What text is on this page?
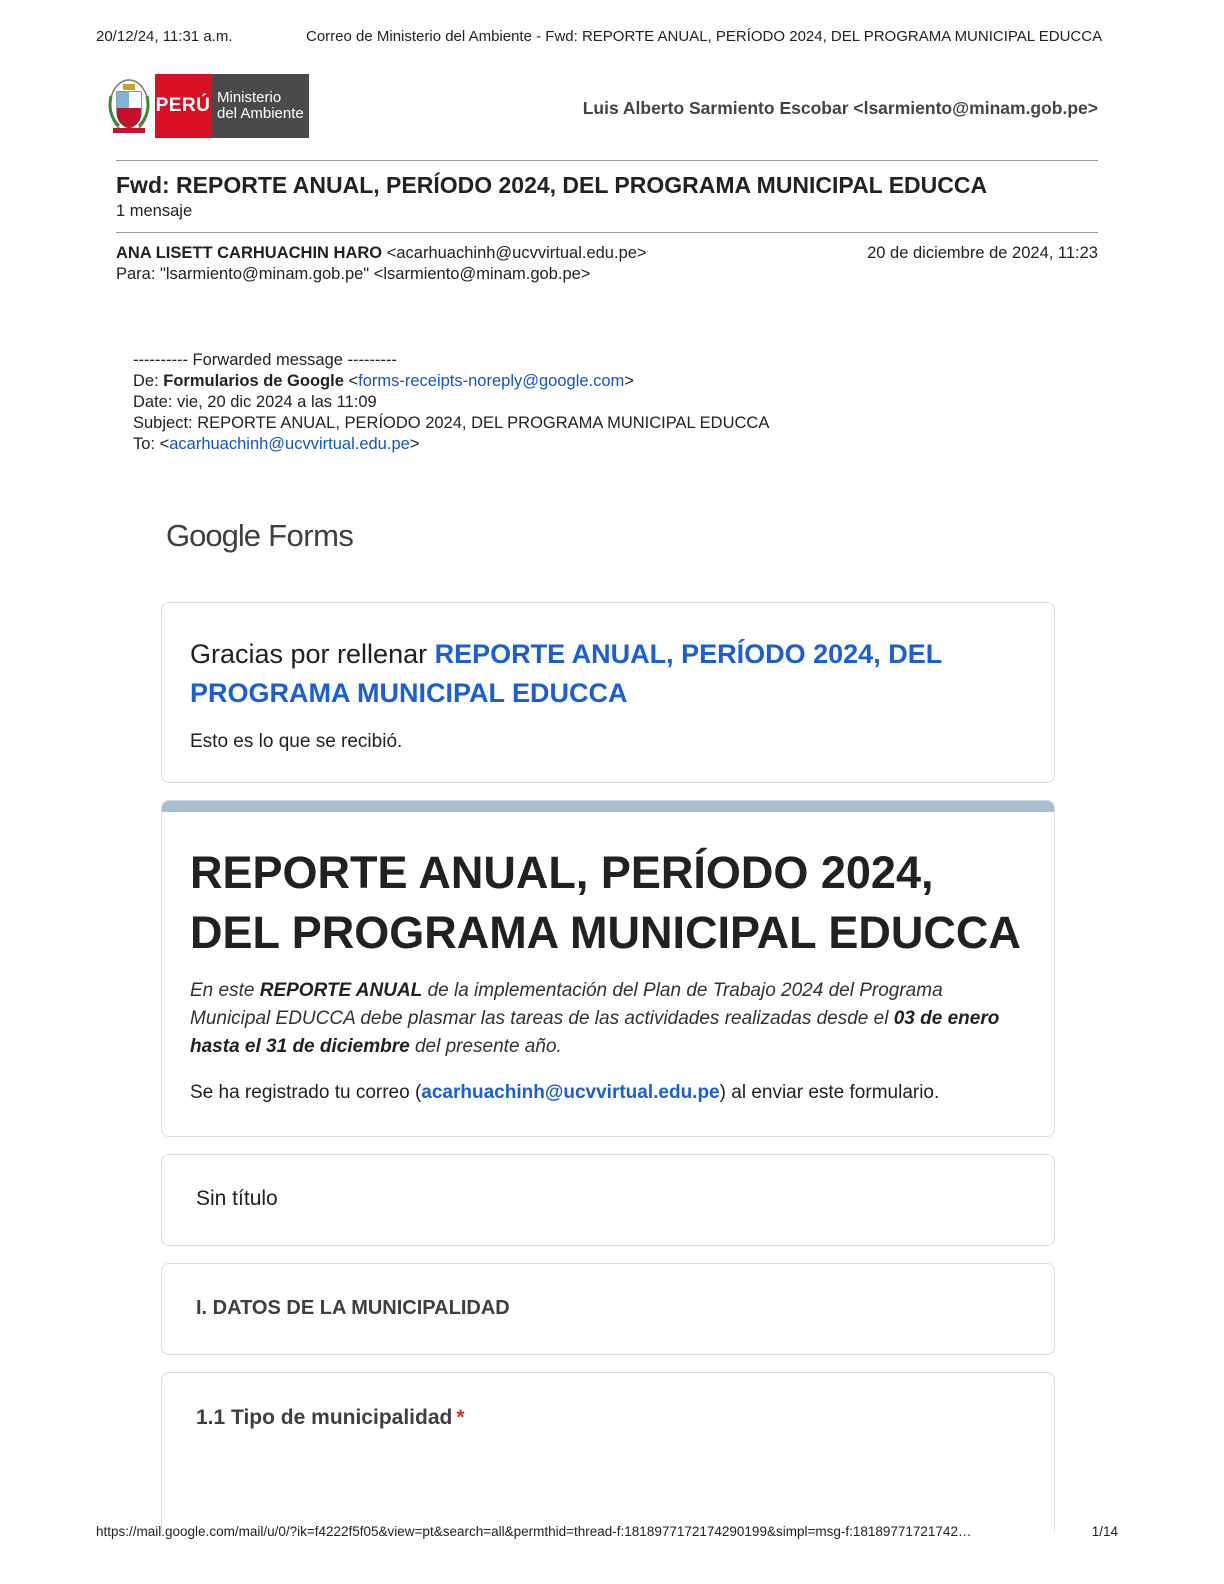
20/12/24, 11:31 a.m.	Correo de Ministerio del Ambiente - Fwd: REPORTE ANUAL, PERÍODO 2024, DEL PROGRAMA MUNICIPAL EDUCCA
PERÚ Ministerio
del Ambiente	Luis Alberto Sarmiento Escobar <lsarmiento@minam.gob.pe>
Fwd: REPORTE ANUAL, PERÍODO 2024, DEL PROGRAMA MUNICIPAL EDUCCA
1 mensaje
ANA LISETT CARHUACHIN HARO <acarhuachinh@ucvvirtual.edu.pe>	20 de diciembre de 2024, 11:23
Para: "lsarmiento@minam.gob.pe" <lsarmiento@minam.gob.pe>
---------- Forwarded message ---------
De: Formularios de Google <forms-receipts-noreply@google.com>
Date: vie, 20 dic 2024 a las 11:09
Subject: REPORTE ANUAL, PERÍODO 2024, DEL PROGRAMA MUNICIPAL EDUCCA
To: <acarhuachinh@ucvvirtual.edu.pe>
Google Forms
Gracias por rellenar REPORTE ANUAL, PERÍODO 2024, DEL PROGRAMA MUNICIPAL EDUCCA
Esto es lo que se recibió.
REPORTE ANUAL, PERÍODO 2024,
DEL PROGRAMA MUNICIPAL EDUCCA
En este REPORTE ANUAL de la implementación del Plan de Trabajo 2024 del Programa Municipal EDUCCA debe plasmar las tareas de las actividades realizadas desde el 03 de enero hasta el 31 de diciembre del presente año.
Se ha registrado tu correo (acarhuachinh@ucvvirtual.edu.pe) al enviar este formulario.
Sin título
I. DATOS DE LA MUNICIPALIDAD
1.1 Tipo de municipalidad *
https://mail.google.com/mail/u/0/?ik=f4222f5f05&view=pt&search=all&permthid=thread-f:1818977172174290199&simpl=msg-f:18189771721742…	1/14
